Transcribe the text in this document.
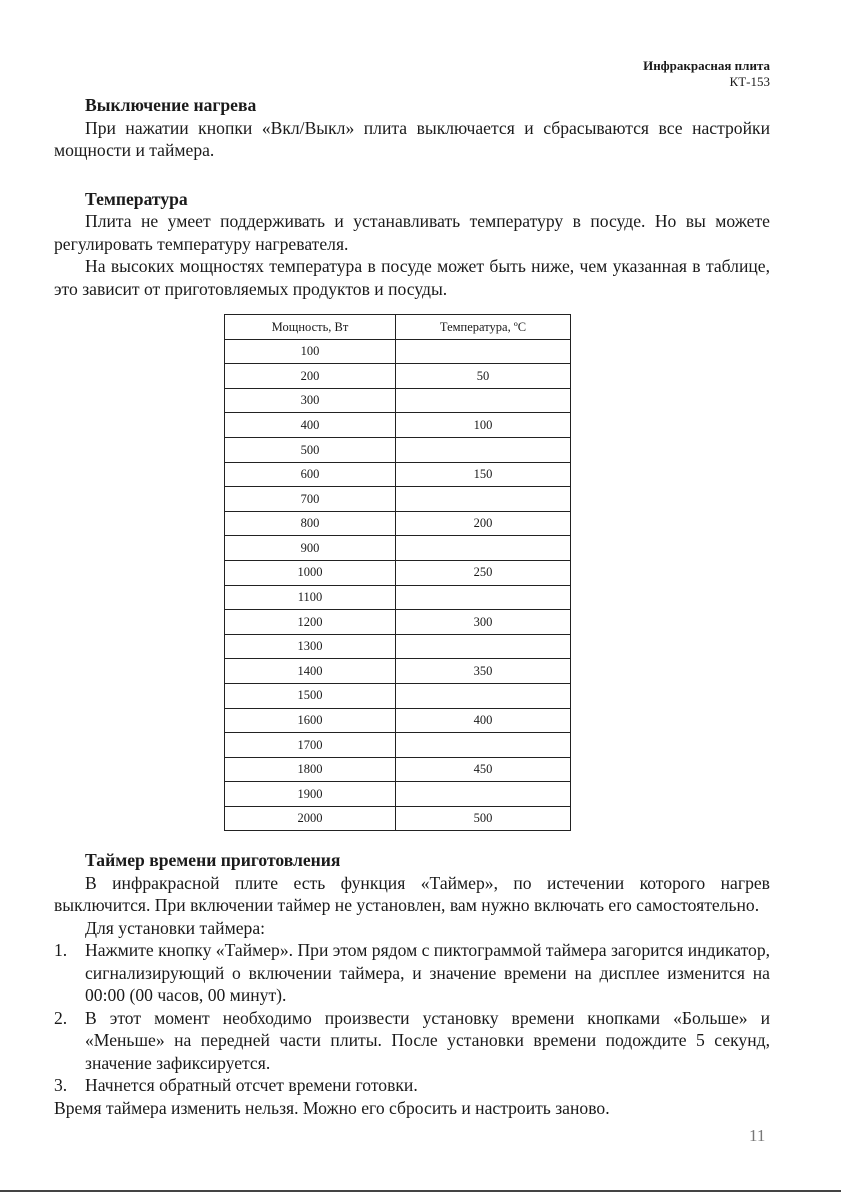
Инфракрасная плита
КТ-153
Выключение нагрева

При нажатии кнопки «Вкл/Выкл» плита выключается и сбрасываются все настройки мощности и таймера.

Температура

Плита не умеет поддерживать и устанавливать температуру в посуде. Но вы можете регулировать температуру нагревателя.

На высоких мощностях температура в посуде может быть ниже, чем указанная в таблице, это зависит от приготовляемых продуктов и посуды.

Мощность, Вт	Температура, ºС
100	
200	50
300	
400	100
500	
600	150
700	
800	200
900	
1000	250
1100	
1200	300
1300	
1400	350
1500	
1600	400
1700	
1800	450
1900	
2000	500
Таймер времени приготовления

В инфракрасной плите есть функция «Таймер», по истечении которого нагрев выключится. При включении таймер не установлен, вам нужно включать его самостоятельно.

Для установки таймера:

1. Нажмите кнопку «Таймер». При этом рядом с пиктограммой таймера загорится индикатор, сигнализирующий о включении таймера, и значение времени на дисплее изменится на 00:00 (00 часов, 00 минут).
2. В этот момент необходимо произвести установку времени кнопками «Больше» и «Меньше» на передней части плиты. После установки времени подождите 5 секунд, значение зафиксируется.
3. Начнется обратный отсчет времени готовки.

Время таймера изменить нельзя. Можно его сбросить и настроить заново.

11
